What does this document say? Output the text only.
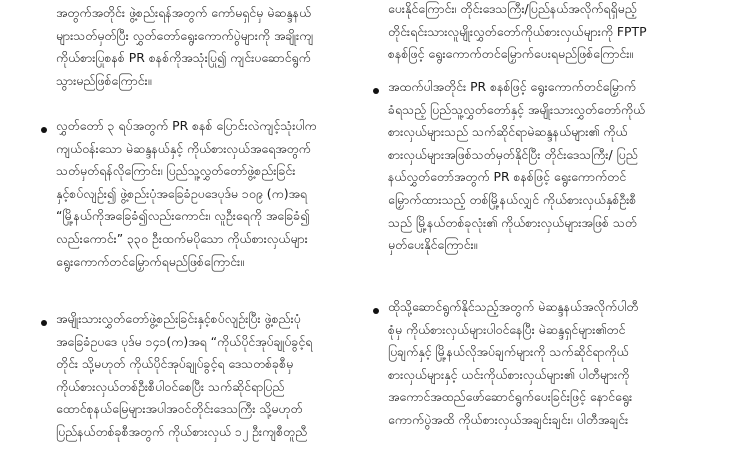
အတွက်အတိုင်း ဖွဲ့စည်းရန်အတွက် ကော်မရှင်မှ မဲဆန္ဒနယ်
များသတ်မှတ်ပြီး လွှတ်တော်ရွေးကောက်ပွဲများကို အချိုးကျ
ကိုယ်စားပြုစနစ် PR စနစ်ကိုအသုံးပြု၍ ကျင်းပဆောင်ရွက်
သွားမည်ဖြစ်ကြောင်း။
လွှတ်တော် ၃ ရပ်အတွက် PR စနစ် ပြောင်းလဲကျင့်သုံးပါက
ကျယ်ဝန်းသော မဲဆန္ဒနယ်နှင့် ကိုယ်စားလှယ်အရေအတွက်
သတ်မှတ်ရန်လိုကြောင်း၊ ပြည်သူ့လွှတ်တော်ဖွဲ့စည်းခြင်း
နှင့်စပ်လျဉ်း၍ ဖွဲ့စည်းပုံအခြေခံဥပဒေပုဒ်မ ၁၀၉ (က)အရ
“မြို့နယ်ကိုအခြေခံ၍လည်းကောင်း၊ လူဦးရေကို အခြေခံ၍
လည်းကောင်း” ၃၃၀ ဦးထက်မပိုသော ကိုယ်စားလှယ်များ
ရွေးကောက်တင်မြှောက်ရမည်ဖြစ်ကြောင်း။
အမျိုးသားလွှတ်တော်ဖွဲ့စည်းခြင်းနှင့်စပ်လျဉ်းပြီး ဖွဲ့စည်းပုံ
အခြေခံဥပဒေ ပုဒ်မ ၁၄၁(က)အရ “ကိုယ်ပိုင်အုပ်ချုပ်ခွင့်ရ
တိုင်း သို့မဟုတ် ကိုယ်ပိုင်အုပ်ချုပ်ခွင့်ရ ဒေသတစ်ခုစီမှ
ကိုယ်စားလှယ်တစ်ဦးစီပါဝင်စေပြီး သက်ဆိုင်ရာပြည်
ထောင်စုနယ်မြေများအပါအဝင်တိုင်းဒေသကြီး သို့မဟုတ်
ပြည်နယ်တစ်ခုစီအတွက် ကိုယ်စားလှယ် ၁၂ ဦးကျစီတူညီ
ပေးနိုင်ကြောင်း၊ တိုင်းဒေသကြီး/ပြည်နယ်အလိုက်ရရှိမည့်
တိုင်းရင်းသားလူမျိုးလွှတ်တော်ကိုယ်စားလှယ်များကို FPTP
စနစ်ဖြင့် ရွေးကောက်တင်မြှောက်ပေးရမည်ဖြစ်ကြောင်း။
အထက်ပါအတိုင်း PR စနစ်ဖြင့် ရွေးကောက်တင်မြှောက်
ခံရသည့် ပြည်သူ့လွှတ်တော်နှင့် အမျိုးသားလွှတ်တော်ကိုယ်
စားလှယ်များသည် သက်ဆိုင်ရာမဲဆန္ဒနယ်များ၏ ကိုယ်
စားလှယ်များအဖြစ်သတ်မှတ်နိုင်ပြီး တိုင်းဒေသကြီး/ ပြည်
နယ်လွှတ်တော်အတွက် PR စနစ်ဖြင့် ရွေးကောက်တင်
မြှောက်ထားသည့် တစ်မြို့နယ်လျှင် ကိုယ်စားလှယ်နှစ်ဦးစီ
သည် မြို့နယ်တစ်ခုလုံး၏ ကိုယ်စားလှယ်များအဖြစ် သတ်
မှတ်ပေးနိုင်ကြောင်း။
ထိုသို့ဆောင်ရွက်နိုင်သည့်အတွက် မဲဆန္ဒနယ်အလိုက်ပါတီ
စုံမှ ကိုယ်စားလှယ်များပါဝင်နေပြီး မဲဆန္ဒရှင်များ၏တင်
ပြချက်နှင့် မြို့နယ်လိုအပ်ချက်များကို သက်ဆိုင်ရာကိုယ်
စားလှယ်များနှင့် ယင်းကိုယ်စားလှယ်များ၏ ပါတီများကို
အကောင်အထည်ဖော်ဆောင်ရွက်ပေးခြင်းဖြင့် နောင်ရွေး
ကောက်ပွဲအထိ ကိုယ်စားလှယ်အချင်းချင်း၊ ပါတီအချင်း
